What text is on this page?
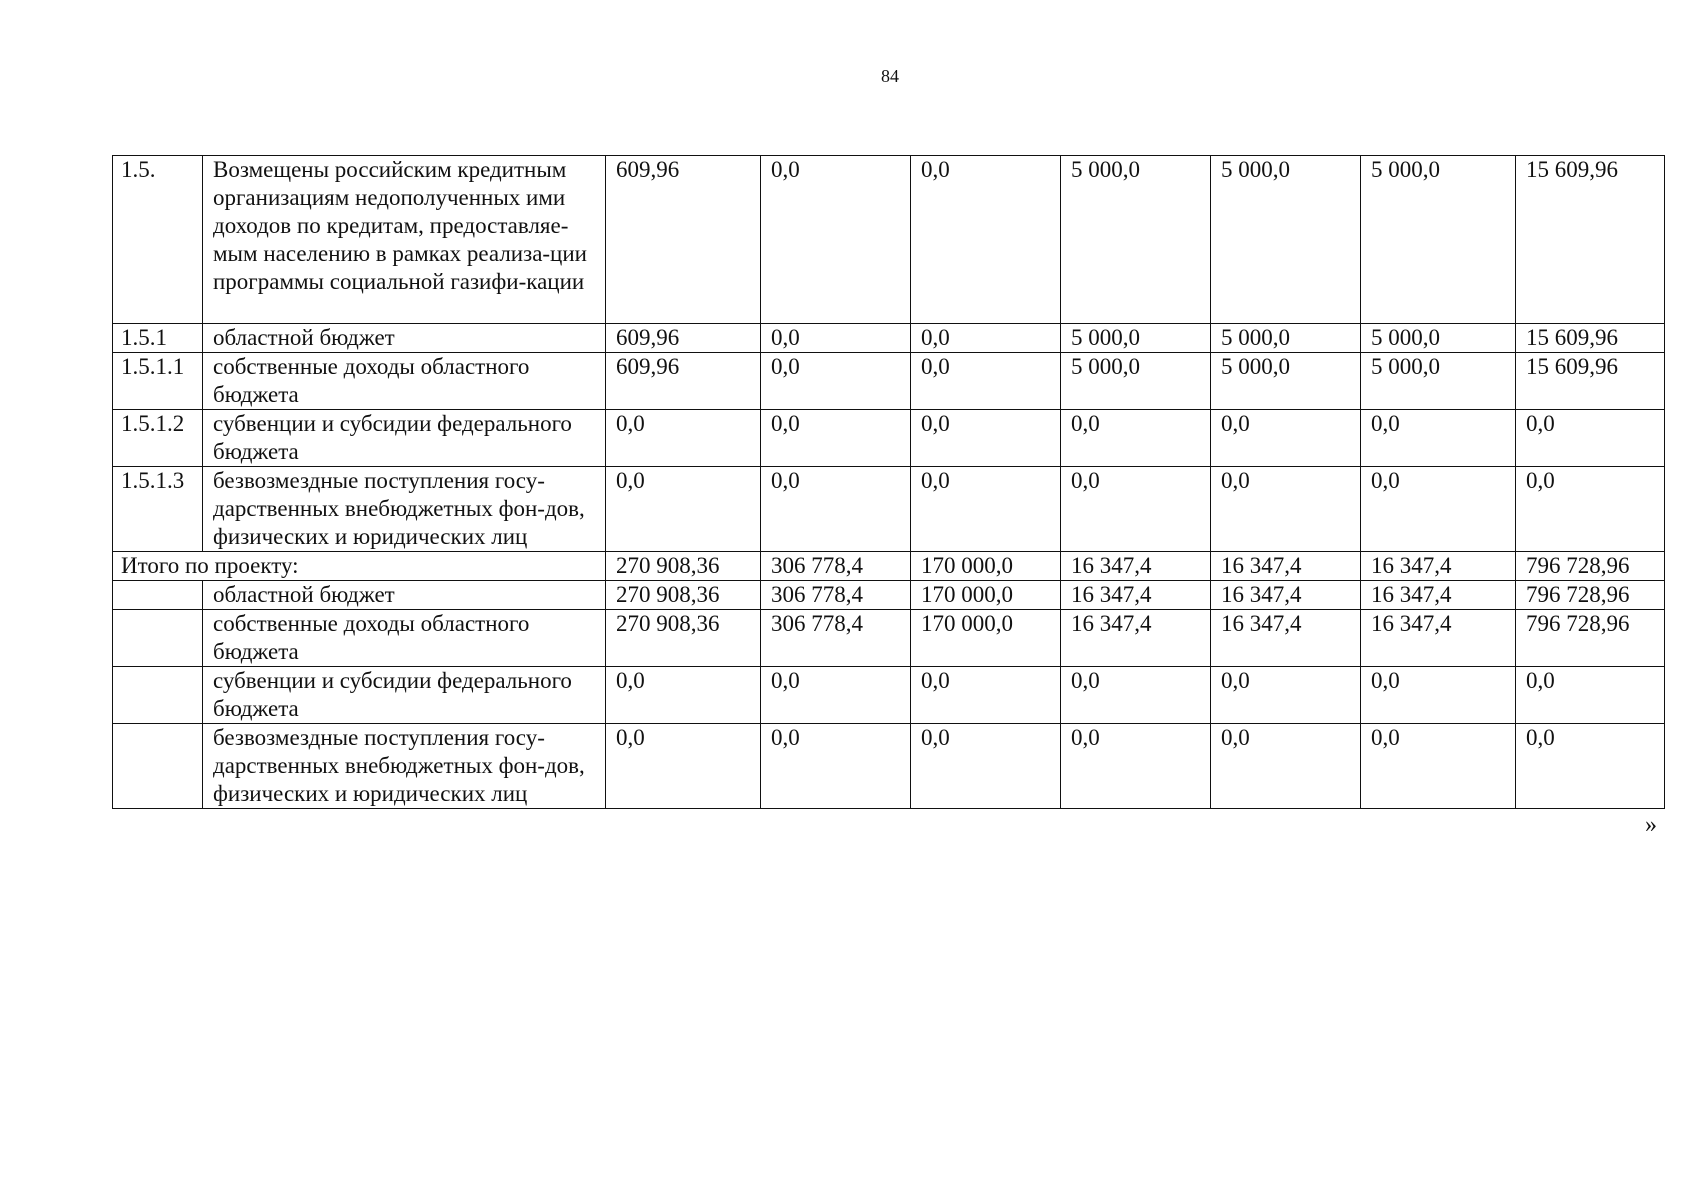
84
1.5.	Возмещены российским кредитным организациям недополученных ими доходов по кредитам, предоставляе-мым населению в рамках реализа-ции программы социальной газифи-кации	609,96	0,0	0,0	5 000,0	5 000,0	5 000,0	15 609,96
1.5.1	областной бюджет	609,96	0,0	0,0	5 000,0	5 000,0	5 000,0	15 609,96
1.5.1.1	собственные доходы областного бюджета	609,96	0,0	0,0	5 000,0	5 000,0	5 000,0	15 609,96
1.5.1.2	субвенции и субсидии федерального бюджета	0,0	0,0	0,0	0,0	0,0	0,0	0,0
1.5.1.3	безвозмездные поступления госу-дарственных внебюджетных фон-дов, физических и юридических лиц	0,0	0,0	0,0	0,0	0,0	0,0	0,0
Итого по проекту:		270 908,36	306 778,4	170 000,0	16 347,4	16 347,4	16 347,4	796 728,96
	областной бюджет	270 908,36	306 778,4	170 000,0	16 347,4	16 347,4	16 347,4	796 728,96
	собственные доходы областного бюджета	270 908,36	306 778,4	170 000,0	16 347,4	16 347,4	16 347,4	796 728,96
	субвенции и субсидии федерального бюджета	0,0	0,0	0,0	0,0	0,0	0,0	0,0
	безвозмездные поступления госу-дарственных внебюджетных фон-дов, физических и юридических лиц	0,0	0,0	0,0	0,0	0,0	0,0	0,0
»
